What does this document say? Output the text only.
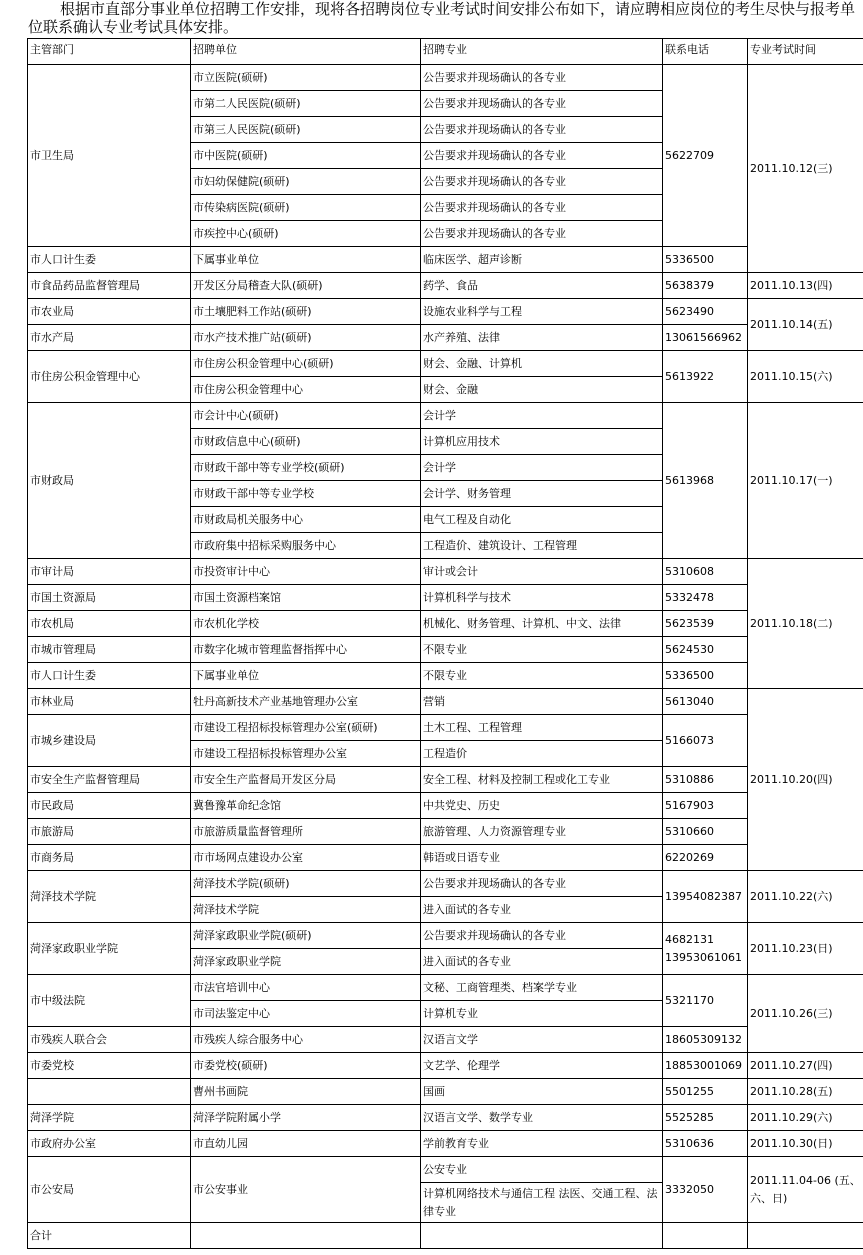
根据市直部分事业单位招聘工作安排，现将各招聘岗位专业考试时间安排公布如下，请应聘相应岗位的考生尽快与报考单位联系确认专业考试具体安排。
主管部门	招聘单位	招聘专业	联系电话	专业考试时间
市卫生局	市立医院(硕研)	公告要求并现场确认的各专业	5622709	2011.10.12(三)
	市第二人民医院(硕研)	公告要求并现场确认的各专业		
	市第三人民医院(硕研)	公告要求并现场确认的各专业		
	市中医院(硕研)	公告要求并现场确认的各专业		
	市妇幼保健院(硕研)	公告要求并现场确认的各专业		
	市传染病医院(硕研)	公告要求并现场确认的各专业		
	市疾控中心(硕研)	公告要求并现场确认的各专业		
市人口计生委	下属事业单位	临床医学、超声诊断	5336500	
市食品药品监督管理局	开发区分局稽查大队(硕研)	药学、食品	5638379	2011.10.13(四)
市农业局	市土壤肥料工作站(硕研)	设施农业科学与工程	5623490	2011.10.14(五)
市水产局	市水产技术推广站(硕研)	水产养殖、法律	13061566962	
市住房公积金管理中心	市住房公积金管理中心(硕研)	财会、金融、计算机	5613922	2011.10.15(六)
	市住房公积金管理中心	财会、金融		
市财政局	市会计中心(硕研)	会计学	5613968	2011.10.17(一)
	市财政信息中心(硕研)	计算机应用技术		
	市财政干部中等专业学校(硕研)	会计学		
	市财政干部中等专业学校	会计学、财务管理		
	市财政局机关服务中心	电气工程及自动化		
	市政府集中招标采购服务中心	工程造价、建筑设计、工程管理		
市审计局	市投资审计中心	审计或会计	5310608	2011.10.18(二)
市国土资源局	市国土资源档案馆	计算机科学与技术	5332478	
市农机局	市农机化学校	机械化、财务管理、计算机、中文、法律	5623539	
市城市管理局	市数字化城市管理监督指挥中心	不限专业	5624530	
市人口计生委	下属事业单位	不限专业	5336500	
市林业局	牡丹高新技术产业基地管理办公室	营销	5613040	2011.10.20(四)
市城乡建设局	市建设工程招标投标管理办公室(硕研)	土木工程、工程管理	5166073	
	市建设工程招标投标管理办公室	工程造价		
市安全生产监督管理局	市安全生产监督局开发区分局	安全工程、材料及控制工程或化工专业	5310886	
市民政局	冀鲁豫革命纪念馆	中共党史、历史	5167903	
市旅游局	市旅游质量监督管理所	旅游管理、人力资源管理专业	5310660	
市商务局	市市场网点建设办公室	韩语或日语专业	6220269	
菏泽技术学院	菏泽技术学院(硕研)	公告要求并现场确认的各专业	13954082387	2011.10.22(六)
	菏泽技术学院	进入面试的各专业		
菏泽家政职业学院	菏泽家政职业学院(硕研)	公告要求并现场确认的各专业	4682131 13953061061	2011.10.23(日)
	菏泽家政职业学院	进入面试的各专业		
市中级法院	市法官培训中心	文秘、工商管理类、档案学专业	5321170	2011.10.26(三)
	市司法鉴定中心	计算机专业		
市残疾人联合会	市残疾人综合服务中心	汉语言文学	18605309132	
市委党校	市委党校(硕研)	文艺学、伦理学	18853001069	2011.10.27(四)
	曹州书画院	国画	5501255	2011.10.28(五)
菏泽学院	菏泽学院附属小学	汉语言文学、数学专业	5525285	2011.10.29(六)
市政府办公室	市直幼儿园	学前教育专业	5310636	2011.10.30(日)
市公安局	市公安事业	公安专业	3332050	2011.11.04-06 (五、六、日)
		计算机网络技术与通信工程 法医、交通工程、法律专业		
合计				
